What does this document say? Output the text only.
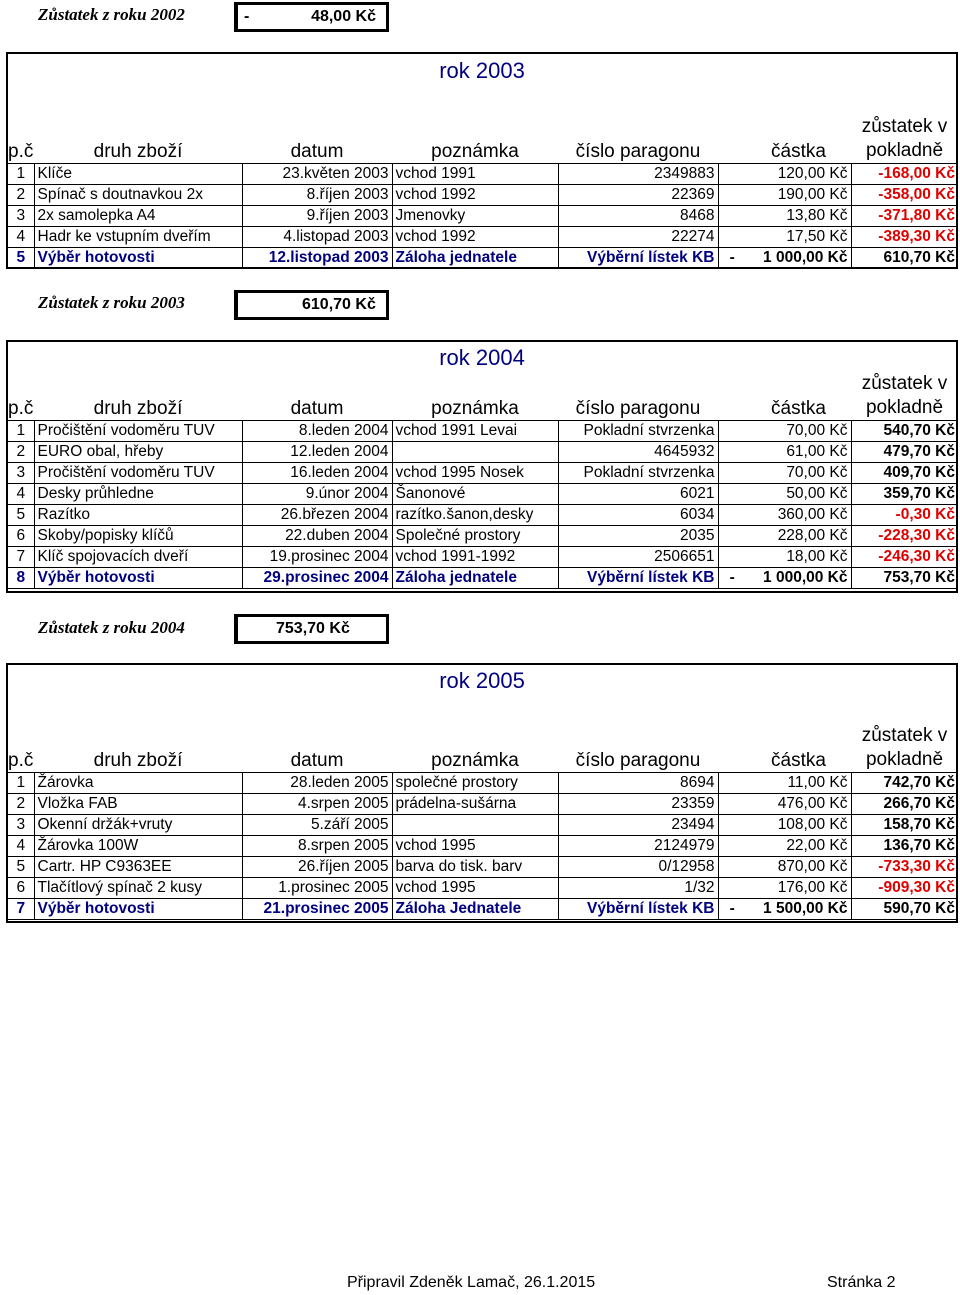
Zůstatek z roku 2002	-	48,00 Kč
rok 2003
Zůstatek z roku 2003	610,70 Kč
rok 2004
Zůstatek z roku 2004	753,70 Kč
rok 2005
p.č	druh zboží	datum	poznámka	číslo paragonu		částka	zůstatek v
pokladně

1	Klíče	23.květen 2003	vchod 1991	2349883		120,00 Kč	-168,00 Kč
2	Spínač s doutnavkou 2x	8.říjen 2003	vchod 1992	22369		190,00 Kč	-358,00 Kč
3	2x samolepka A4	9.říjen 2003	Jmenovky	8468		13,80 Kč	-371,80 Kč
4	Hadr ke vstupním dveřím	4.listopad 2003	vchod 1992	22274		17,50 Kč	-389,30 Kč
5	Výběr hotovosti	12.listopad 2003	Záloha jednatele	Výběrní lístek KB	-	1 000,00 Kč	610,70 Kč
p.č	druh zboží	datum	poznámka	číslo paragonu		částka	zůstatek v
pokladně

1	Pročištění vodoměru TUV	8.leden 2004	vchod 1991 Levai	Pokladní stvrzenka		70,00 Kč	540,70 Kč
2	EURO obal, hřeby	12.leden 2004		4645932		61,00 Kč	479,70 Kč
3	Pročištění vodoměru TUV	16.leden 2004	vchod 1995 Nosek	Pokladní stvrzenka		70,00 Kč	409,70 Kč
4	Desky průhledne	9.únor 2004	Šanonové	6021		50,00 Kč	359,70 Kč
5	Razítko	26.březen 2004	razítko.šanon,desky	6034		360,00 Kč	-0,30 Kč
6	Skoby/popisky klíčů	22.duben 2004	Společné prostory	2035		228,00 Kč	-228,30 Kč
7	Klíč spojovacích dveří	19.prosinec 2004	vchod 1991-1992	2506651		18,00 Kč	-246,30 Kč
8	Výběr hotovosti	29.prosinec 2004	Záloha jednatele	Výběrní lístek KB	-	1 000,00 Kč	753,70 Kč
p.č	druh zboží	datum	poznámka	číslo paragonu		částka	zůstatek v
pokladně

1	Žárovka	28.leden 2005	společné prostory	8694		11,00 Kč	742,70 Kč
2	Vložka FAB	4.srpen 2005	prádelna-sušárna	23359		476,00 Kč	266,70 Kč
3	Okenní držák+vruty	5.září 2005		23494		108,00 Kč	158,70 Kč
4	Žárovka 100W	8.srpen 2005	vchod 1995	2124979		22,00 Kč	136,70 Kč
5	Cartr. HP C9363EE	26.říjen 2005	barva do tisk. barv	0/12958		870,00 Kč	-733,30 Kč
6	Tlačítlový spínač 2 kusy	1.prosinec 2005	vchod 1995	1/32		176,00 Kč	-909,30 Kč
7	Výběr hotovosti	21.prosinec 2005	Záloha Jednatele	Výběrní lístek KB	-	1 500,00 Kč	590,70 Kč
Připravil Zdeněk Lamač, 26.1.2015	Stránka 2
